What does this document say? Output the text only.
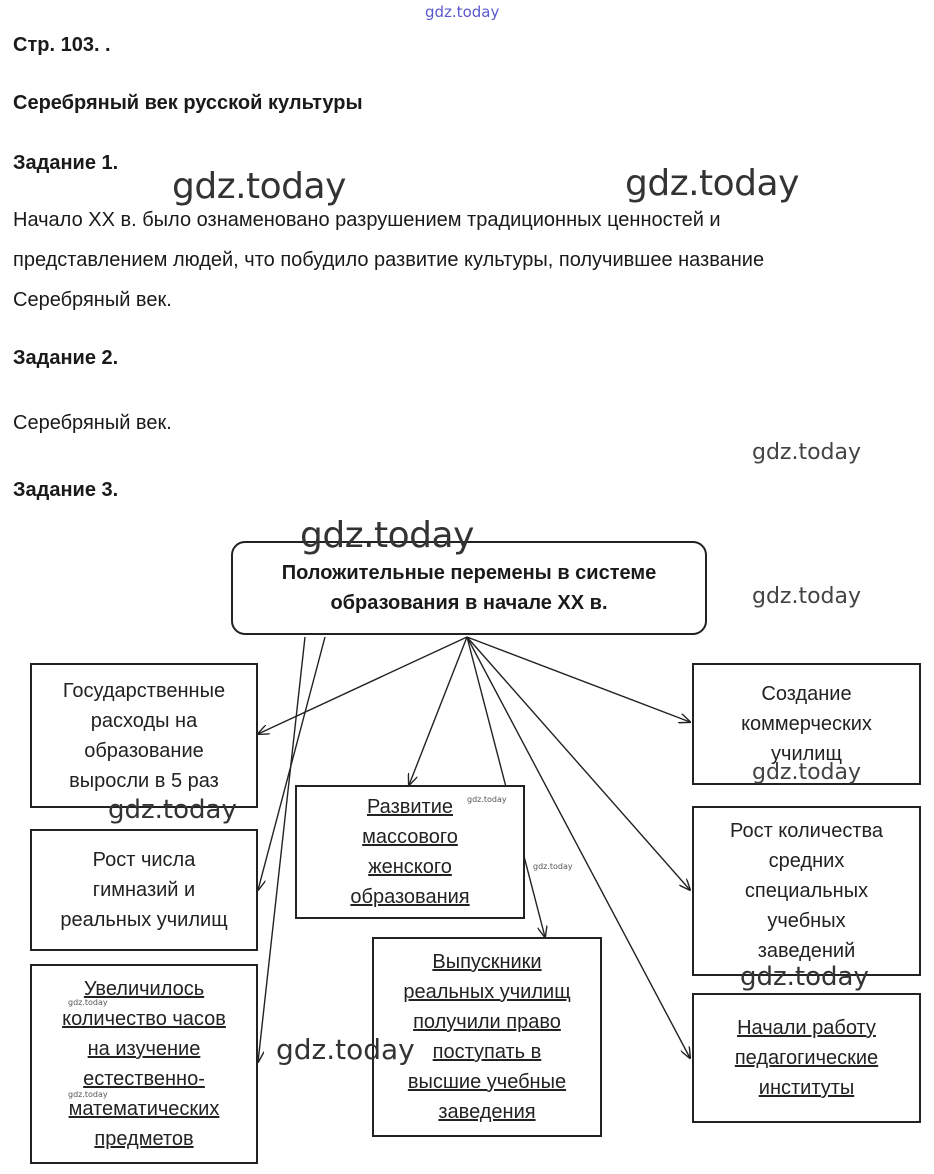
Стр. 103. .
Серебряный век русской культуры
Задание 1.
Начало XX в. было ознаменовано разрушением традиционных ценностей и
представлением людей, что побудило развитие культуры, получившее название
Серебряный век.
Задание 2.
Серебряный век.
Задание 3.
Положительные перемены в системе
образования в начале XX в.
Государственные
расходы на
образование
выросли в 5 раз
Рост числа
гимназий и
реальных училищ
Увеличилось
количество часов
на изучение
естественно-
математических
предметов
Развитие
массового
женского
образования
Выпускники
реальных училищ
получили право
поступать в
высшие учебные
заведения
Создание
коммерческих
училищ
Рост количества
средних
специальных
учебных
заведений
Начали работу
педагогические
институты
gdz.today
gdz.today	gdz.today
gdz.today
gdz.today
gdz.today
gdz.today
gdz.today	gdz.today
gdz.today
gdz.today
gdz.today
gdz.today
gdz.today
